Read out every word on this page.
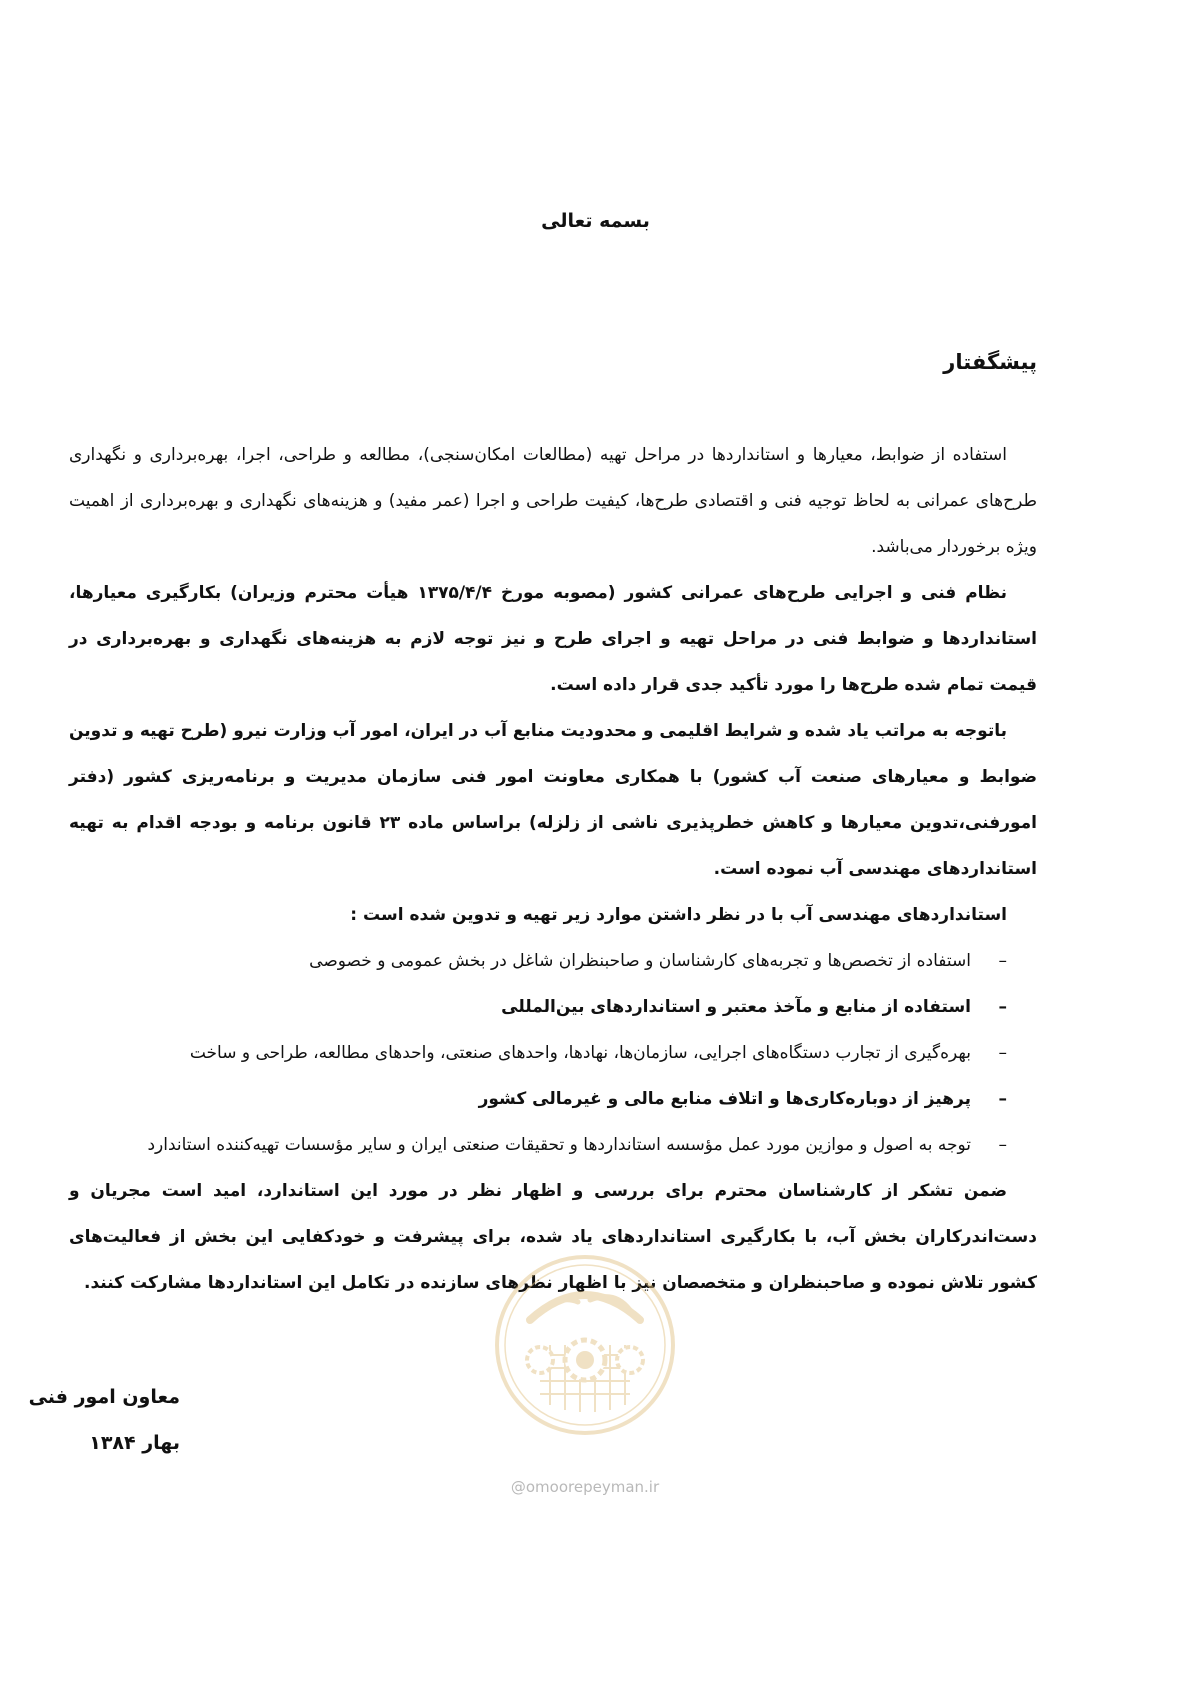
بسمه تعالی
پیشگفتار

استفاده از ضوابط، معیارها و استانداردها در مراحل تهیه (مطالعات امکان‌سنجی)، مطالعه و طراحی، اجرا، بهره‌برداری و نگهداری طرح‌های عمرانی به لحاظ توجیه فنی و اقتصادی طرح‌ها، کیفیت طراحی و اجرا (عمر مفید) و هزینه‌های نگهداری و بهره‌برداری از اهمیت ویژه برخوردار می‌باشد.

نظام فنی و اجرایی طرح‌های عمرانی کشور (مصوبه مورخ ۱۳۷۵/۴/۴ هیأت محترم وزیران) بکارگیری معیارها، استانداردها و ضوابط فنی در مراحل تهیه و اجرای طرح و نیز توجه لازم به هزینه‌های نگهداری و بهره‌برداری در قیمت تمام شده طرح‌ها را مورد تأکید جدی قرار داده است.

باتوجه به مراتب یاد شده و شرایط اقلیمی و محدودیت منابع آب در ایران، امور آب وزارت نیرو (طرح تهیه و تدوین ضوابط و معیارهای صنعت آب کشور) با همکاری معاونت امور فنی سازمان مدیریت و برنامه‌ریزی کشور (دفتر امورفنی،تدوین معیارها و کاهش خطرپذیری ناشی از زلزله) براساس ماده ۲۳ قانون برنامه و بودجه اقدام به تهیه استانداردهای مهندسی آب نموده است.

استانداردهای مهندسی آب با در نظر داشتن موارد زیر تهیه و تدوین شده است :

–
استفاده از تخصص‌ها و تجربه‌های کارشناسان و صاحبنظران شاغل در بخش عمومی و خصوصی
–
استفاده از منابع و مآخذ معتبر و استانداردهای بین‌المللی
–
بهره‌گیری از تجارب دستگاه‌های اجرایی، سازمان‌ها، نهادها، واحدهای صنعتی، واحدهای مطالعه، طراحی و ساخت
–
پرهیز از دوباره‌کاری‌ها و اتلاف منابع مالی و غیرمالی کشور
–
توجه به اصول و موازین مورد عمل مؤسسه استانداردها و تحقیقات صنعتی ایران و سایر مؤسسات تهیه‌کننده استاندارد

ضمن تشکر از کارشناسان محترم برای بررسی و اظهار نظر در مورد این استاندارد، امید است مجریان و دست‌اندرکاران بخش آب، با بکارگیری استانداردهای یاد شده، برای پیشرفت و خودکفایی این بخش از فعالیت‌های کشور تلاش نموده و صاحبنظران و متخصصان نیز با اظهار نظرهای سازنده در تکامل این استانداردها مشارکت کنند.

@omoorepeyman.ir
معاون امور فنی
بهار ۱۳۸۴
